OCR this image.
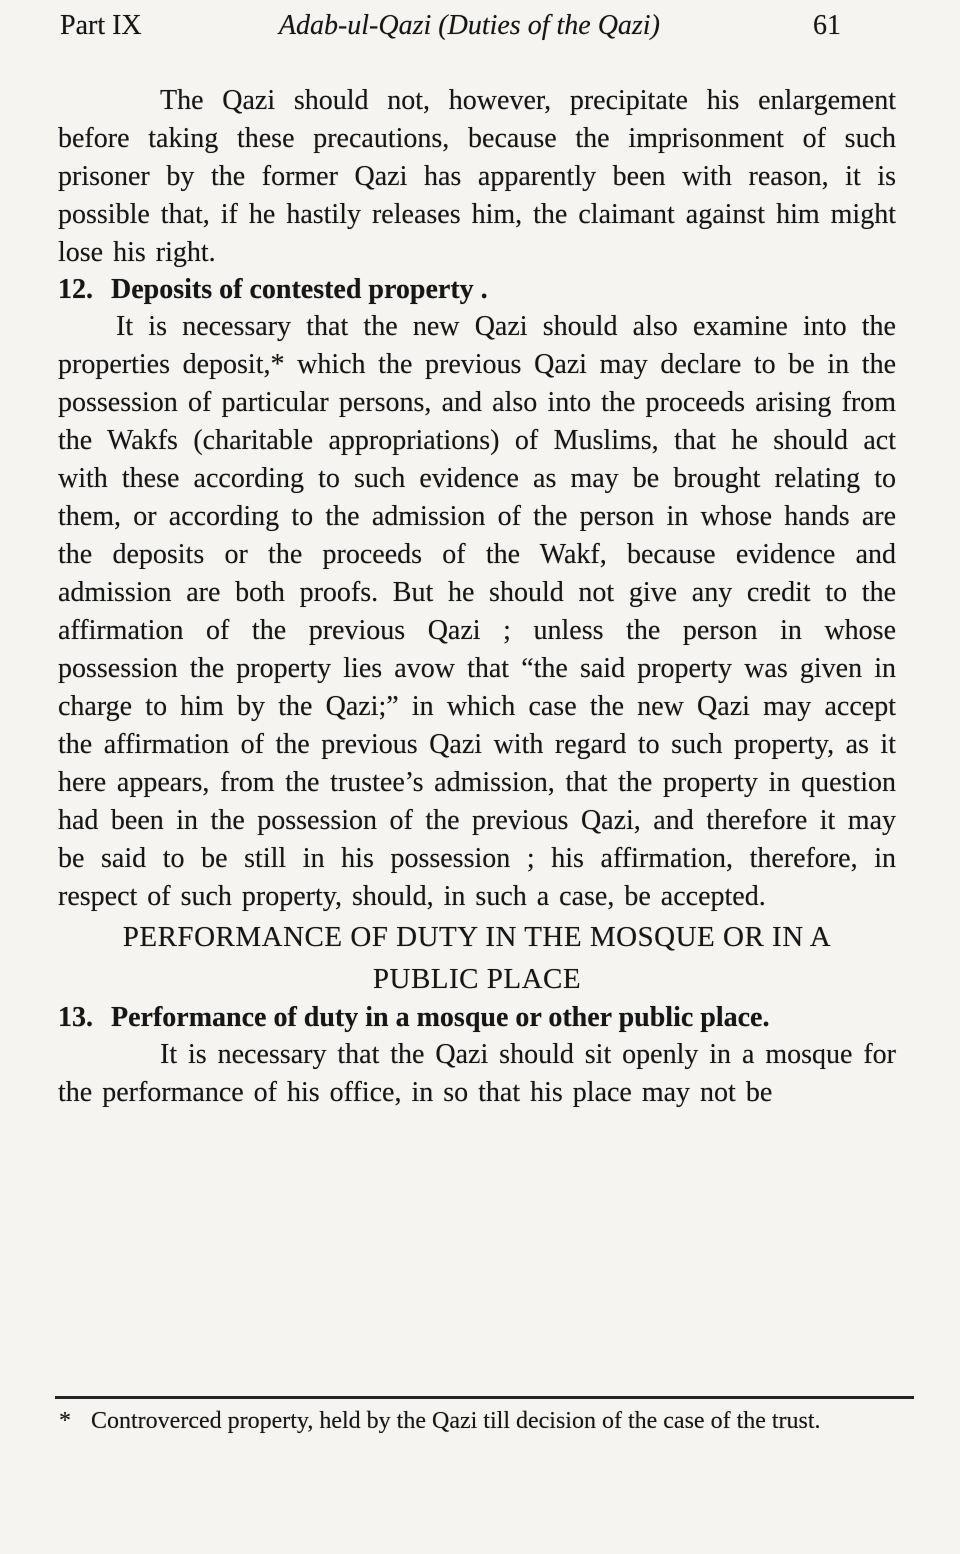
Part IX	Adab-ul-Qazi (Duties of the Qazi)	61

The Qazi should not, however, precipitate his enlargement before taking these precautions, because the imprisonment of such prisoner by the former Qazi has apparently been with reason, it is possible that, if he hastily releases him, the claimant against him might lose his right.

12. Deposits of contested property .

It is necessary that the new Qazi should also examine into the properties deposit,* which the previous Qazi may declare to be in the possession of particular persons, and also into the proceeds arising from the Wakfs (charitable appropriations) of Muslims, that he should act with these according to such evidence as may be brought relating to them, or according to the admission of the person in whose hands are the deposits or the proceeds of the Wakf, because evidence and admission are both proofs. But he should not give any credit to the affirmation of the previous Qazi ; unless the person in whose possession the property lies avow that “the said property was given in charge to him by the Qazi;” in which case the new Qazi may accept the affirmation of the previous Qazi with regard to such property, as it here appears, from the trustee’s admission, that the property in question had been in the possession of the previous Qazi, and therefore it may be said to be still in his possession ; his affirmation, therefore, in respect of such property, should, in such a case, be accepted.

PERFORMANCE OF DUTY IN THE MOSQUE OR IN A PUBLIC PLACE
13. Performance of duty in a mosque or other public place.

It is necessary that the Qazi should sit openly in a mosque for the performance of his office, in so that his place may not be

* Controverced property, held by the Qazi till decision of the case of the trust.
